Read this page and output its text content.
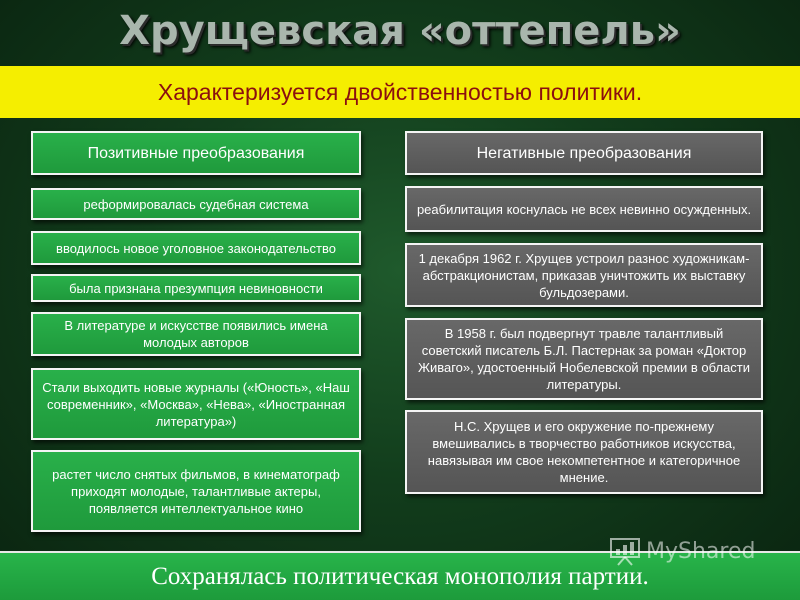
Хрущевская «оттепель»
Характеризуется двойственностью политики.
Позитивные преобразования
реформировалась судебная система
вводилось новое уголовное законодательство
была признана презумпция невиновности
В литературе и искусстве появились имена молодых авторов
Стали выходить новые журналы («Юность», «Наш современник», «Москва», «Нева», «Иностранная литература»)
растет число снятых фильмов, в кинематограф приходят молодые, талантливые актеры, появляется интеллектуальное кино
Негативные преобразования
реабилитация коснулась не всех невинно осужденных.
1 декабря 1962 г. Хрущев устроил разнос художникам-абстракционистам, приказав уничтожить их выставку бульдозерами.
В 1958 г. был подвергнут травле талантливый советский писатель Б.Л. Пастернак за роман «Доктор Живаго», удостоенный Нобелевской премии в области литературы.
Н.С. Хрущев и его окружение по-прежнему вмешивались в творчество работников искусства, навязывая им свое некомпетентное и категоричное мнение.
Сохранялась политическая монополия партии.
MyShared
